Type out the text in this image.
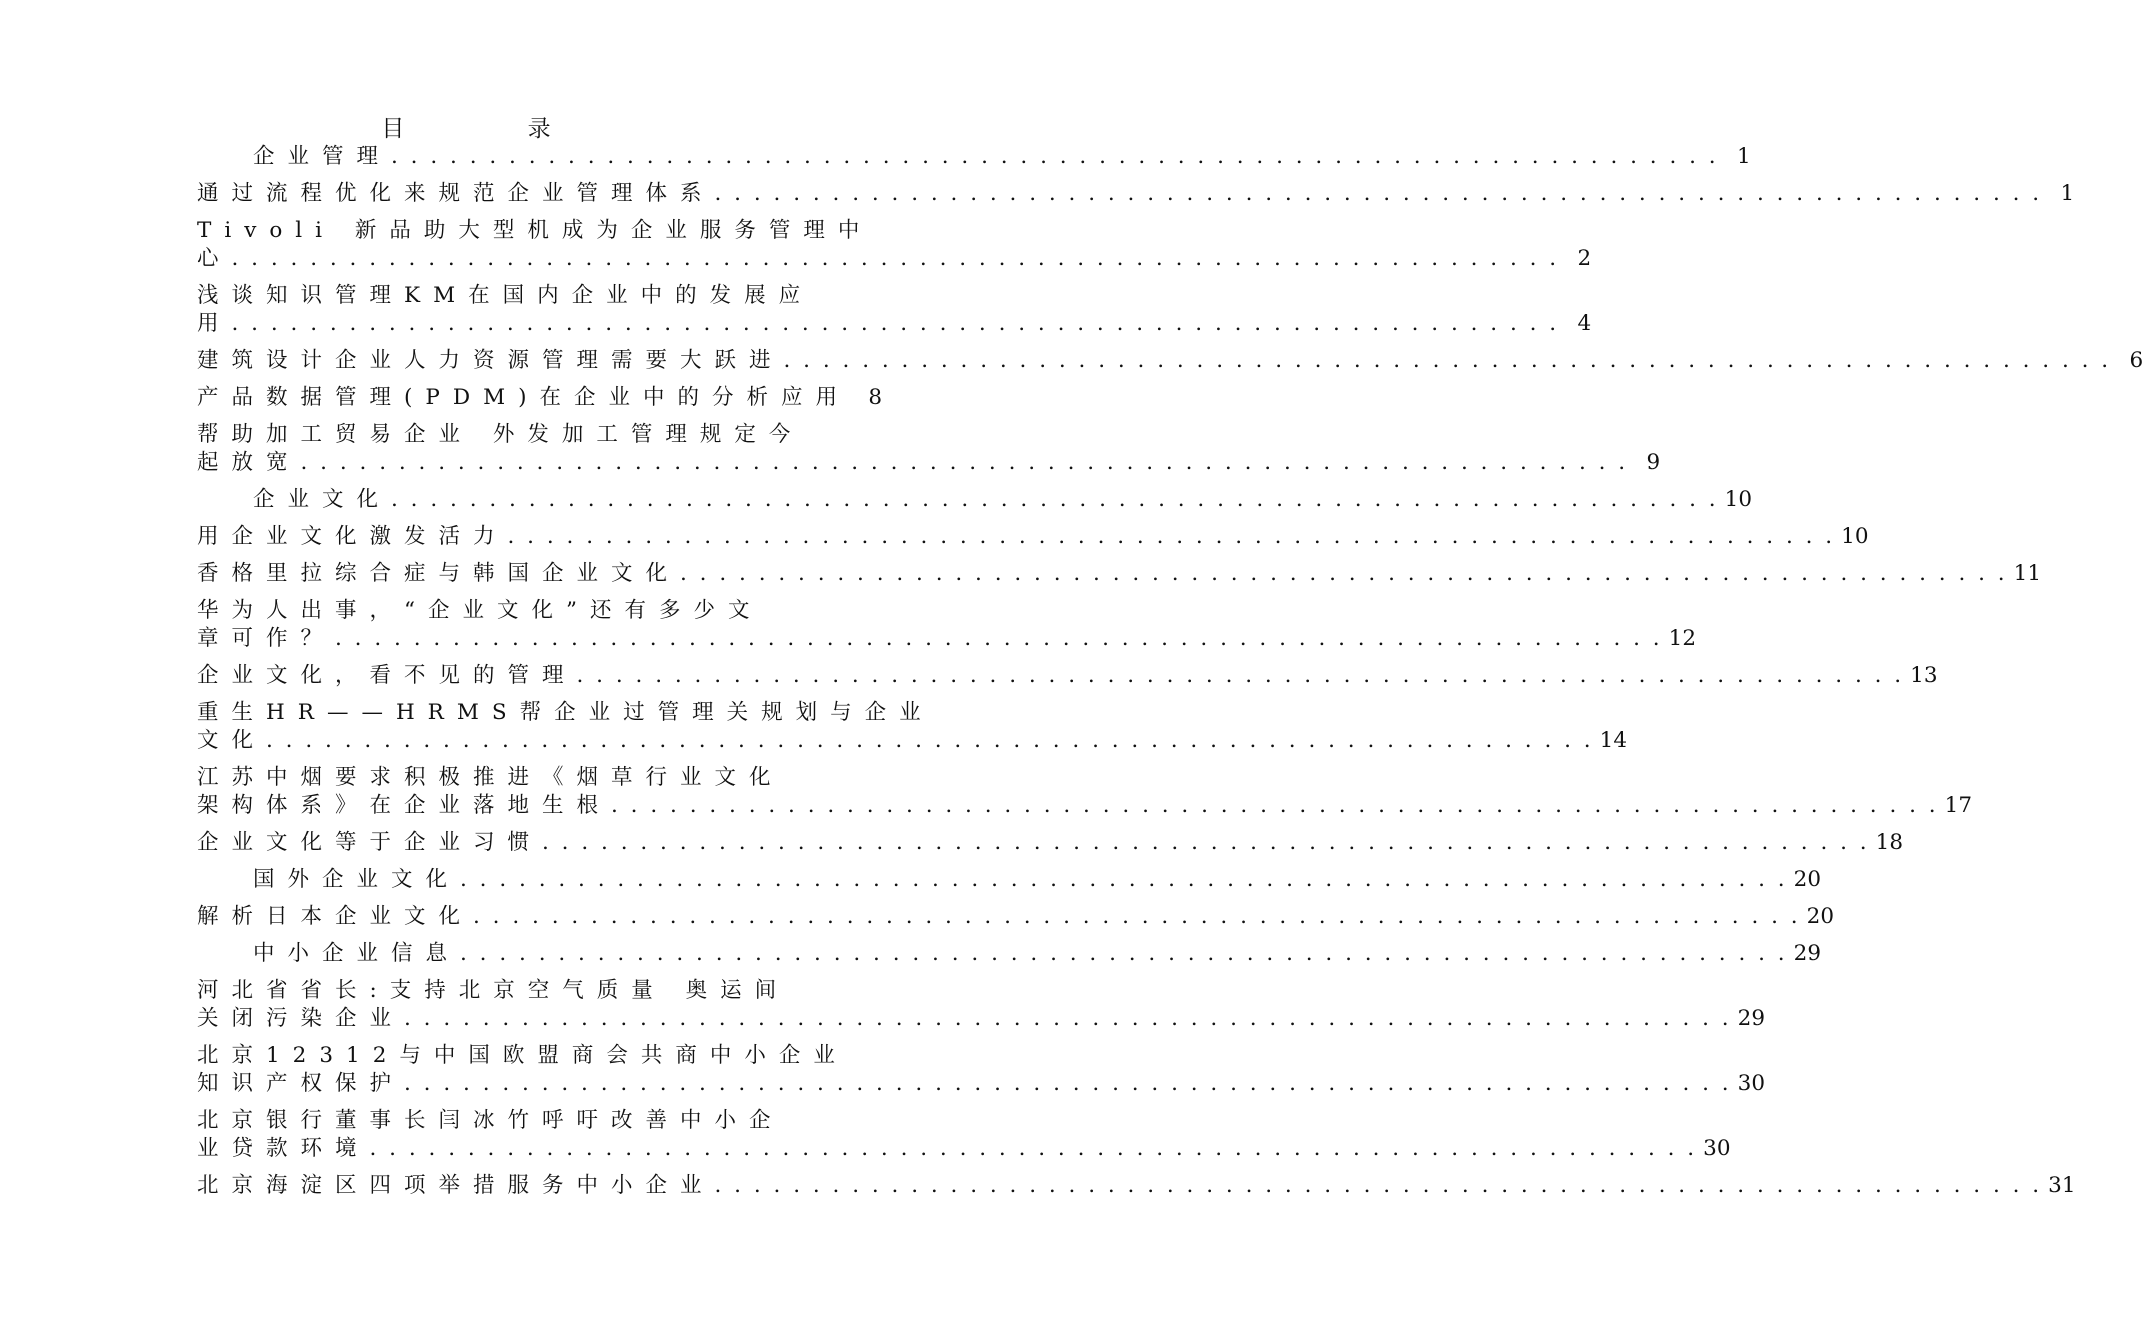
目 录
企业管理 . . . . . . . . . . . . . . . . . . . . . . . . . . . . . . . . . . . . . . . . . . . . . . . . . . . . . . . . . . . . . . . . . . . . 1
通过流程优化来规范企业管理体系 . . . . . . . . . . . . . . . . . . . . . . . . . . . . . . . . . . . . . . . . . . . . . . . . . . . . . . . . . . . . . . . . . . . . 1
Tivoli 新品助大型机成为企业服务管理中
心 . . . . . . . . . . . . . . . . . . . . . . . . . . . . . . . . . . . . . . . . . . . . . . . . . . . . . . . . . . . . . . . . . . . . 2
浅谈知识管理KM在国内企业中的发展应
用 . . . . . . . . . . . . . . . . . . . . . . . . . . . . . . . . . . . . . . . . . . . . . . . . . . . . . . . . . . . . . . . . . . . . 4
建筑设计企业人力资源管理需要大跃进 . . . . . . . . . . . . . . . . . . . . . . . . . . . . . . . . . . . . . . . . . . . . . . . . . . . . . . . . . . . . . . . . . . . . 6
产品数据管理(PDM)在企业中的分析应用 8
帮助加工贸易企业 外发加工管理规定今
起放宽 . . . . . . . . . . . . . . . . . . . . . . . . . . . . . . . . . . . . . . . . . . . . . . . . . . . . . . . . . . . . . . . . . . . . 9
企业文化 . . . . . . . . . . . . . . . . . . . . . . . . . . . . . . . . . . . . . . . . . . . . . . . . . . . . . . . . . . . . . . . . . . . . 10
用企业文化激发活力 . . . . . . . . . . . . . . . . . . . . . . . . . . . . . . . . . . . . . . . . . . . . . . . . . . . . . . . . . . . . . . . . . . . . 10
香格里拉综合症与韩国企业文化 . . . . . . . . . . . . . . . . . . . . . . . . . . . . . . . . . . . . . . . . . . . . . . . . . . . . . . . . . . . . . . . . . . . . 11
华为人出事，“企业文化”还有多少文
章可作？ . . . . . . . . . . . . . . . . . . . . . . . . . . . . . . . . . . . . . . . . . . . . . . . . . . . . . . . . . . . . . . . . . . . . 12
企业文化，看不见的管理 . . . . . . . . . . . . . . . . . . . . . . . . . . . . . . . . . . . . . . . . . . . . . . . . . . . . . . . . . . . . . . . . . . . . 13
重生HR——HRMS帮企业过管理关规划与企业
文化 . . . . . . . . . . . . . . . . . . . . . . . . . . . . . . . . . . . . . . . . . . . . . . . . . . . . . . . . . . . . . . . . . . . . 14
江苏中烟要求积极推进《烟草行业文化
架构体系》在企业落地生根 . . . . . . . . . . . . . . . . . . . . . . . . . . . . . . . . . . . . . . . . . . . . . . . . . . . . . . . . . . . . . . . . . . . . 17
企业文化等于企业习惯 . . . . . . . . . . . . . . . . . . . . . . . . . . . . . . . . . . . . . . . . . . . . . . . . . . . . . . . . . . . . . . . . . . . . 18
国外企业文化 . . . . . . . . . . . . . . . . . . . . . . . . . . . . . . . . . . . . . . . . . . . . . . . . . . . . . . . . . . . . . . . . . . . . 20
解析日本企业文化 . . . . . . . . . . . . . . . . . . . . . . . . . . . . . . . . . . . . . . . . . . . . . . . . . . . . . . . . . . . . . . . . . . . . 20
中小企业信息 . . . . . . . . . . . . . . . . . . . . . . . . . . . . . . . . . . . . . . . . . . . . . . . . . . . . . . . . . . . . . . . . . . . . 29
河北省省长:支持北京空气质量 奥运间
关闭污染企业 . . . . . . . . . . . . . . . . . . . . . . . . . . . . . . . . . . . . . . . . . . . . . . . . . . . . . . . . . . . . . . . . . . . . 29
北京12312与中国欧盟商会共商中小企业
知识产权保护 . . . . . . . . . . . . . . . . . . . . . . . . . . . . . . . . . . . . . . . . . . . . . . . . . . . . . . . . . . . . . . . . . . . . 30
北京银行董事长闫冰竹呼吁改善中小企
业贷款环境 . . . . . . . . . . . . . . . . . . . . . . . . . . . . . . . . . . . . . . . . . . . . . . . . . . . . . . . . . . . . . . . . . . . . 30
北京海淀区四项举措服务中小企业 . . . . . . . . . . . . . . . . . . . . . . . . . . . . . . . . . . . . . . . . . . . . . . . . . . . . . . . . . . . . . . . . . . . . 31
